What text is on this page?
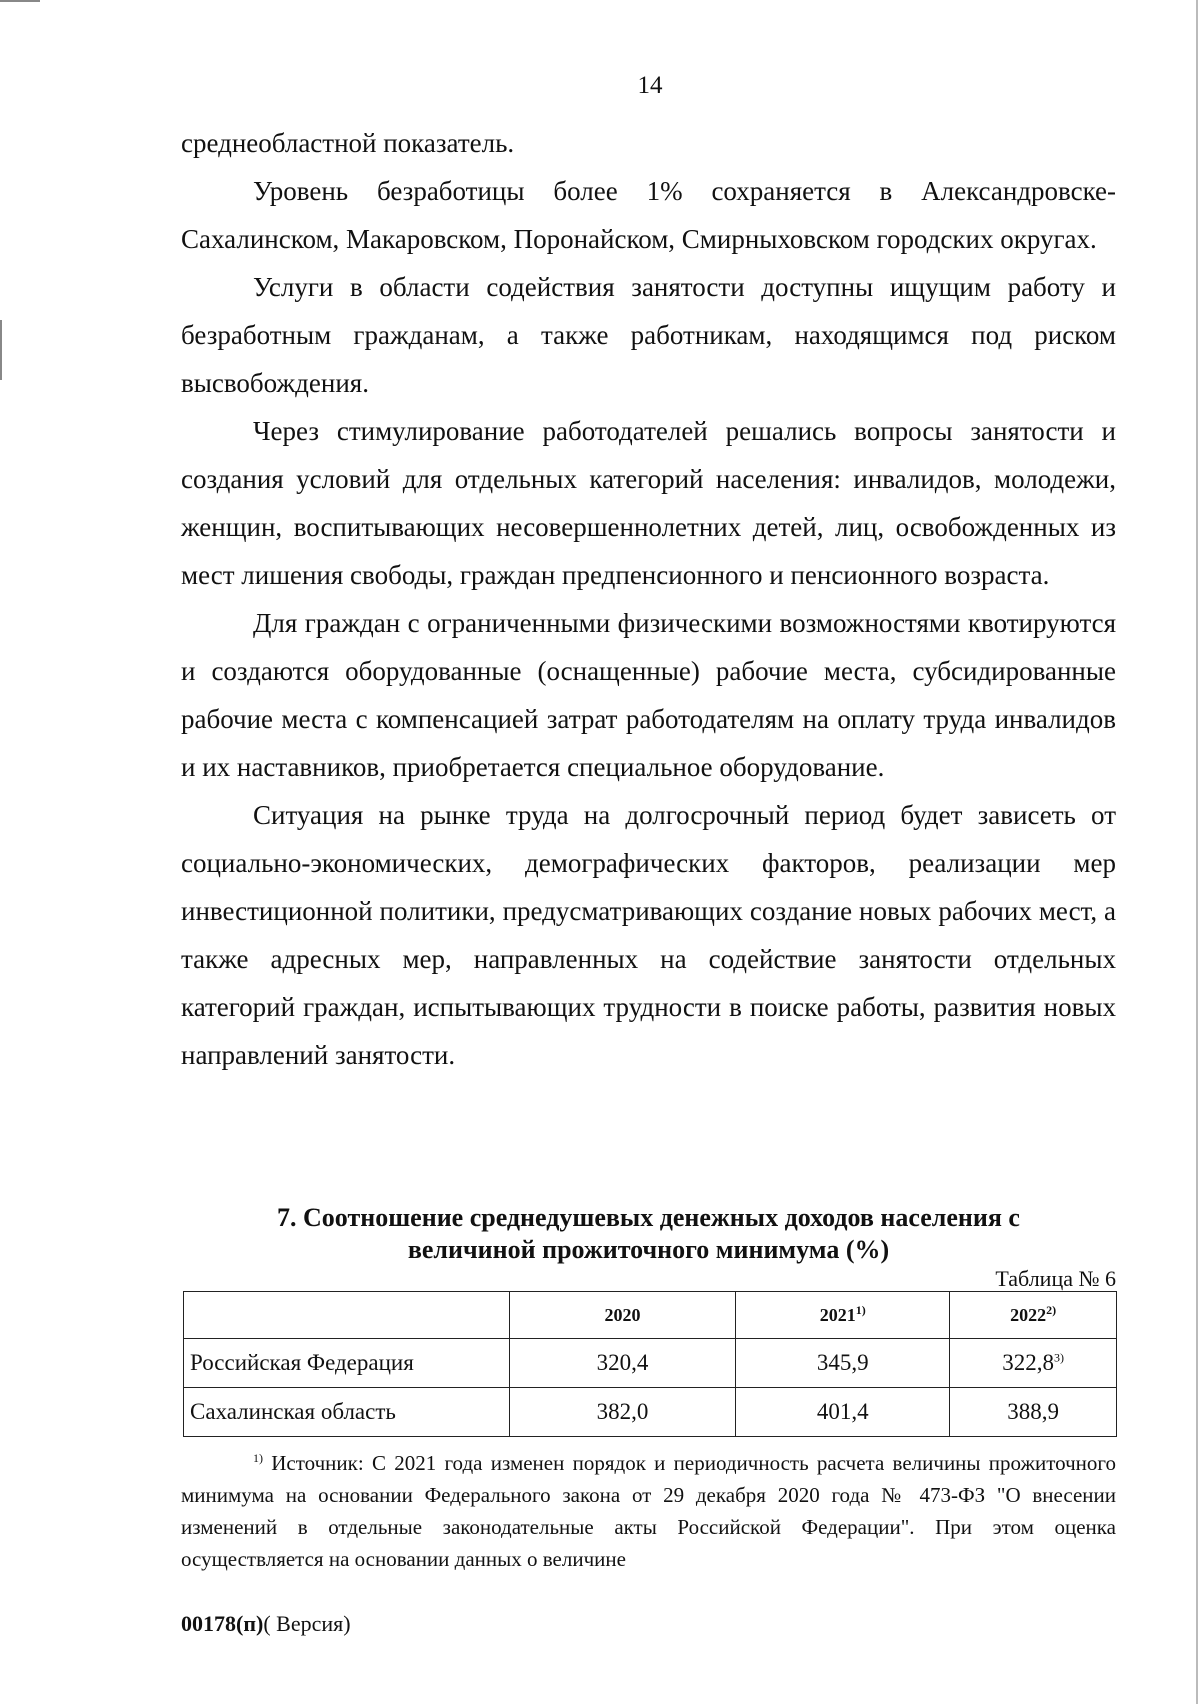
14

среднеобластной показатель.

Уровень безработицы более 1% сохраняется в Александровске-Сахалинском, Макаровском, Поронайском, Смирныховском городских округах.

Услуги в области содействия занятости доступны ищущим работу и безработным гражданам, а также работникам, находящимся под риском высвобождения.

Через стимулирование работодателей решались вопросы занятости и создания условий для отдельных категорий населения: инвалидов, молодежи, женщин, воспитывающих несовершеннолетних детей, лиц, освобожденных из мест лишения свободы, граждан предпенсионного и пенсионного возраста.

Для граждан с ограниченными физическими возможностями квотируются и создаются оборудованные (оснащенные) рабочие места, субсидированные рабочие места с компенсацией затрат работодателям на оплату труда инвалидов и их наставников, приобретается специальное оборудование.

Ситуация на рынке труда на долгосрочный период будет зависеть от социально-экономических, демографических факторов, реализации мер инвестиционной политики, предусматривающих создание новых рабочих мест, а также адресных мер, направленных на содействие занятости отдельных категорий граждан, испытывающих трудности в поиске работы, развития новых направлений занятости.

7. Соотношение среднедушевых денежных доходов населения с
величиной прожиточного минимума (%)
Таблица № 6
	2020	2021$^{1)}$	2022$^{2)}$
Российская Федерация	320,4	345,9	322,8$^{3)}$
Сахалинская область	382,0	401,4	388,9
$^{1)}$ Источник: С 2021 года изменен порядок и периодичность расчета величины прожиточного минимума на основании Федерального закона от 29 декабря 2020 года № 473-ФЗ "О внесении изменений в отдельные законодательные акты Российской Федерации". При этом оценка осуществляется на основании данных о величине
00178(п)( Версия)
